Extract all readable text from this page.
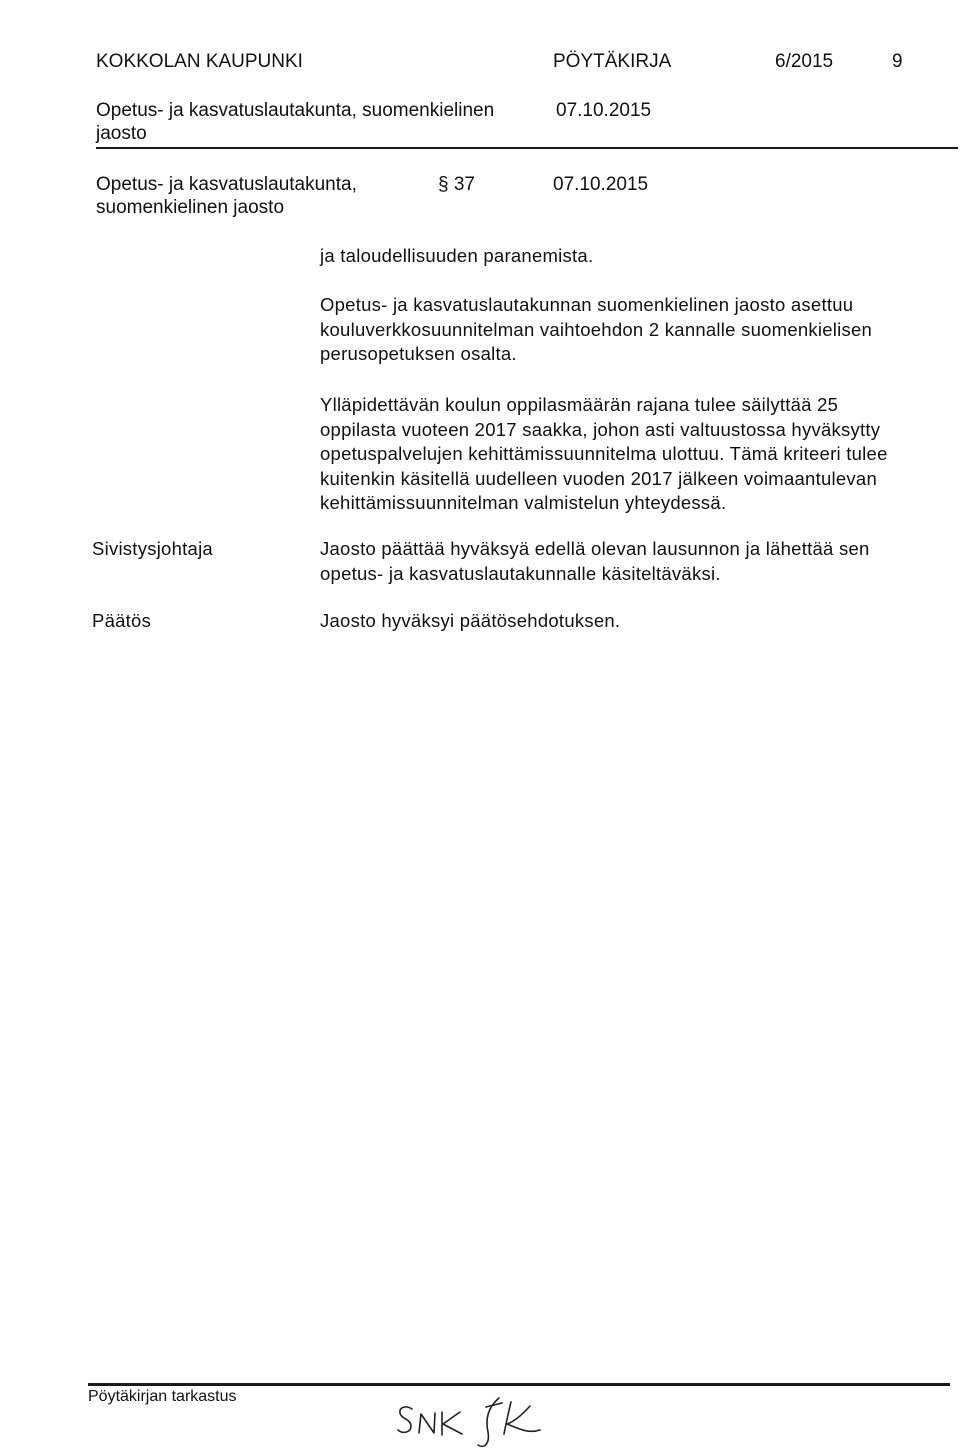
KOKKOLAN KAUPUNKI	PÖYTÄKIRJA	6/2015	9
Opetus- ja kasvatuslautakunta, suomenkielinen
jaosto
07.10.2015
Opetus- ja kasvatuslautakunta,
suomenkielinen jaosto
§ 37	07.10.2015
ja taloudellisuuden paranemista.
Opetus- ja kasvatuslautakunnan suomenkielinen jaosto asettuu
kouluverkkosuunnitelman vaihtoehdon 2 kannalle suomenkielisen
perusopetuksen osalta.
Ylläpidettävän koulun oppilasmäärän rajana tulee säilyttää 25
oppilasta vuoteen 2017 saakka, johon asti valtuustossa hyväksytty
opetuspalvelujen kehittämissuunnitelma ulottuu. Tämä kriteeri tulee
kuitenkin käsitellä uudelleen vuoden 2017 jälkeen voimaantulevan
kehittämissuunnitelman valmistelun yhteydessä.
Sivistysjohtaja	Jaosto päättää hyväksyä edellä olevan lausunnon ja lähettää sen
opetus- ja kasvatuslautakunnalle käsiteltäväksi.
Päätös	Jaosto hyväksyi päätösehdotuksen.
Pöytäkirjan tarkastus
